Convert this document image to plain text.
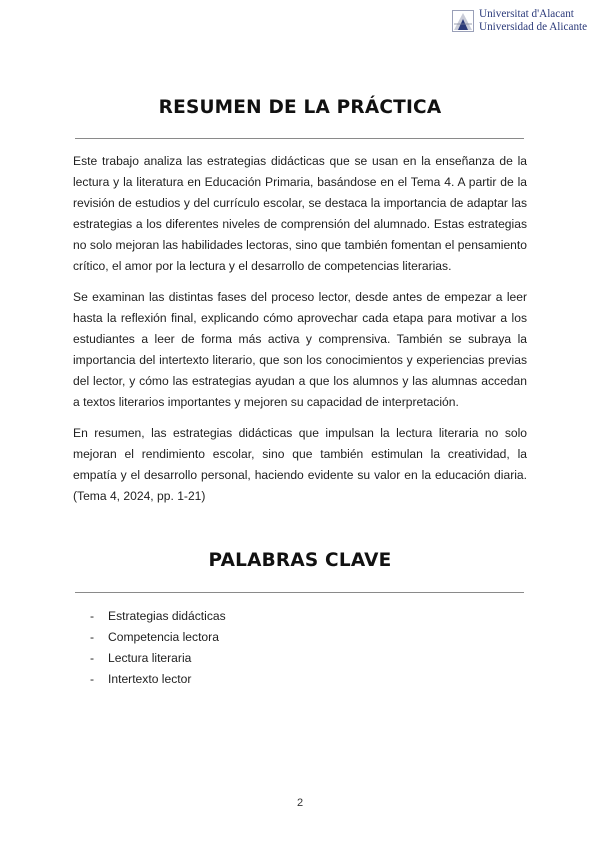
Universitat d'Alacant
Universidad de Alicante
RESUMEN DE LA PRÁCTICA

Este trabajo analiza las estrategias didácticas que se usan en la enseñanza de la lectura y la literatura en Educación Primaria, basándose en el Tema 4. A partir de la revisión de estudios y del currículo escolar, se destaca la importancia de adaptar las estrategias a los diferentes niveles de comprensión del alumnado. Estas estrategias no solo mejoran las habilidades lectoras, sino que también fomentan el pensamiento crítico, el amor por la lectura y el desarrollo de competencias literarias.

Se examinan las distintas fases del proceso lector, desde antes de empezar a leer hasta la reflexión final, explicando cómo aprovechar cada etapa para motivar a los estudiantes a leer de forma más activa y comprensiva. También se subraya la importancia del intertexto literario, que son los conocimientos y experiencias previas del lector, y cómo las estrategias ayudan a que los alumnos y las alumnas accedan a textos literarios importantes y mejoren su capacidad de interpretación.

En resumen, las estrategias didácticas que impulsan la lectura literaria no solo mejoran el rendimiento escolar, sino que también estimulan la creatividad, la empatía y el desarrollo personal, haciendo evidente su valor en la educación diaria. (Tema 4, 2024, pp. 1-21)

PALABRAS CLAVE
-	Estrategias didácticas
-	Competencia lectora
-	Lectura literaria
-	Intertexto lector
2
